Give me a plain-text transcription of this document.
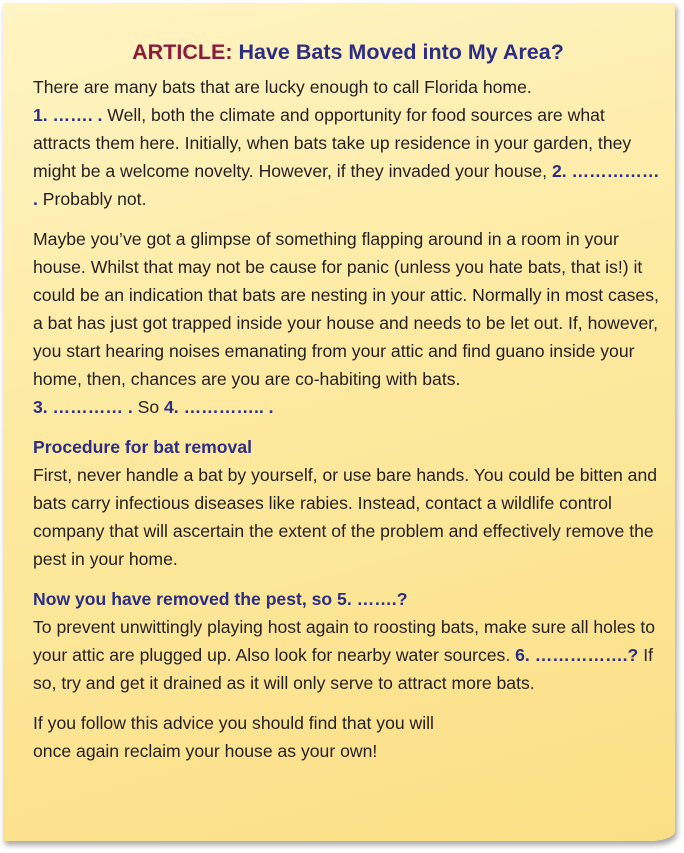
ARTICLE: Have Bats Moved into My Area?

There are many bats that are lucky enough to call Florida home.
1. ……. . Well, both the climate and opportunity for food sources are what attracts them here. Initially, when bats take up residence in your garden, they might be a welcome novelty. However, if they invaded your house, 2. …………… . Probably not.

Maybe you’ve got a glimpse of something flapping around in a room in your house. Whilst that may not be cause for panic (unless you hate bats, that is!) it could be an indication that bats are nesting in your attic. Normally in most cases, a bat has just got trapped inside your house and needs to be let out. If, however, you start hearing noises emanating from your attic and find guano inside your home, then, chances are you are co-habiting with bats.
3. ………… . So 4. ………….. .

Procedure for bat removal

First, never handle a bat by yourself, or use bare hands. You could be bitten and bats carry infectious diseases like rabies. Instead, contact a wildlife control company that will ascertain the extent of the problem and effectively remove the pest in your home.

Now you have removed the pest, so 5. …….?

To prevent unwittingly playing host again to roosting bats, make sure all holes to your attic are plugged up. Also look for nearby water sources. 6. …………….? If so, try and get it drained as it will only serve to attract more bats.

If you follow this advice you should find that you will
once again reclaim your house as your own!
